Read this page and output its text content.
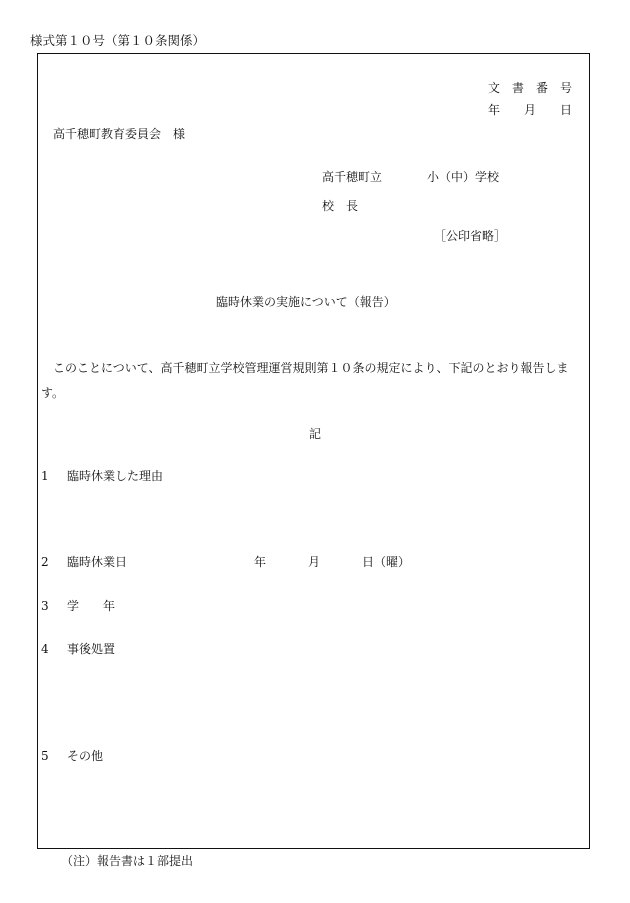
様式第１０号（第１０条関係）
文　書　番　号
年　　月　　日
高千穂町教育委員会　様
高千穂町立	小（中）学校
校　長
［公印省略］
臨時休業の実施について（報告）
このことについて、高千穂町立学校管理運営規則第１０条の規定により、下記のとおり報告します。
記
1 臨時休業した理由
2 臨時休業日	年	月	日（曜）
3 学　　年
4 事後処置
5 その他
（注）報告書は１部提出
